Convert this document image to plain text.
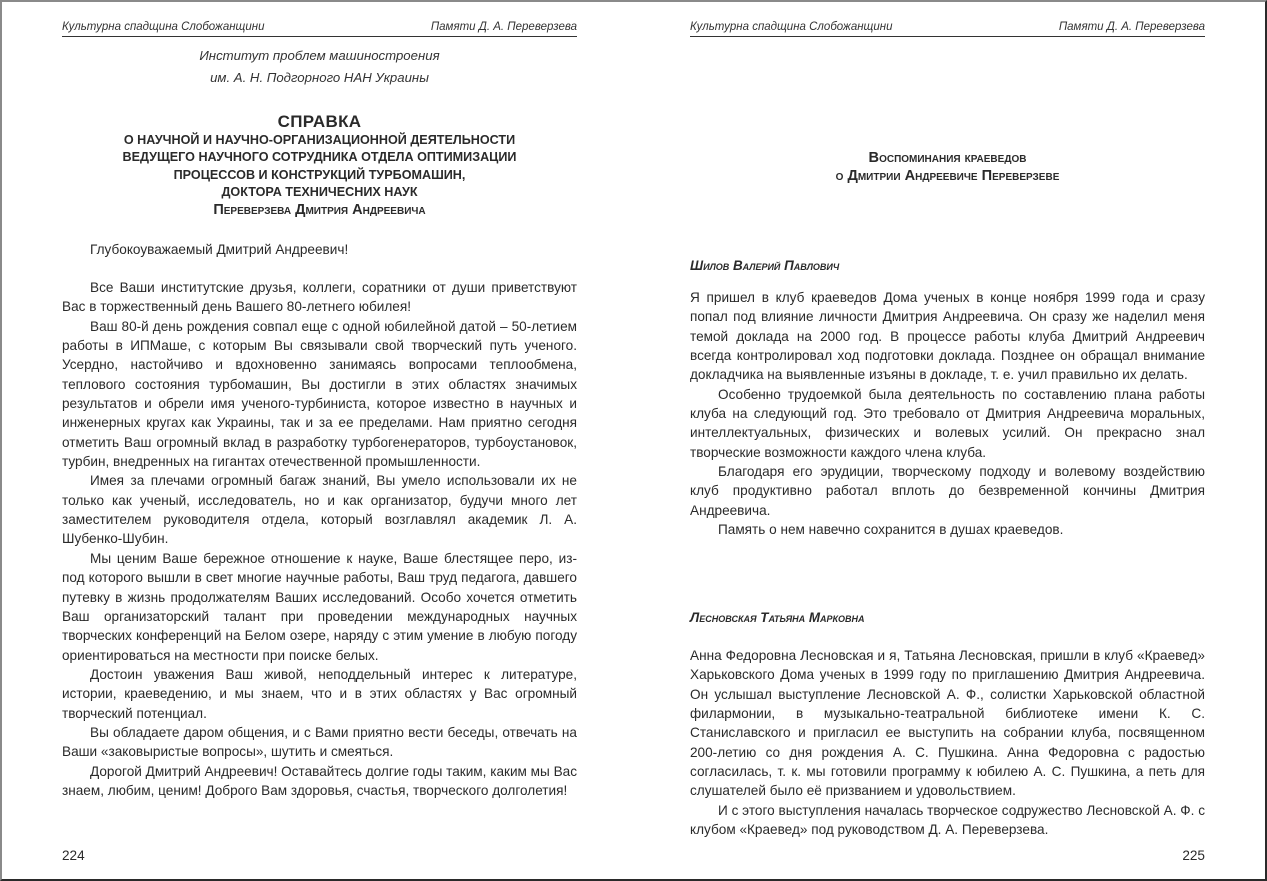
Культурна спадщина Слобожанщини	Памяти Д. А. Переверзева
Институт проблем машиностроения
им. А. Н. Подгорного НАН Украины
СПРАВКА
О НАУЧНОЙ И НАУЧНО-ОРГАНИЗАЦИОННОЙ ДЕЯТЕЛЬНОСТИ
ВЕДУЩЕГО НАУЧНОГО СОТРУДНИКА ОТДЕЛА ОПТИМИЗАЦИИ
ПРОЦЕССОВ И КОНСТРУКЦИЙ ТУРБОМАШИН,
ДОКТОРА ТЕХНИЧЕСНИХ НАУК
Переверзева Дмитрия Андреевича
Глубокоуважаемый Дмитрий Андреевич!

Все Ваши институтские друзья, коллеги, соратники от души приветствуют Вас в торжественный день Вашего 80-летнего юбилея!

Ваш 80-й день рождения совпал еще с одной юбилейной датой – 50-летием работы в ИПМаше, с которым Вы связывали свой творческий путь ученого. Усердно, настойчиво и вдохновенно занимаясь вопросами теплообмена, теплового состояния турбомашин, Вы достигли в этих областях значимых результатов и обрели имя ученого-турбиниста, которое известно в научных и инженерных кругах как Украины, так и за ее пределами. Нам приятно сегодня отметить Ваш огромный вклад в разработку турбогенераторов, турбоустановок, турбин, внедренных на гигантах отечественной промышленности.

Имея за плечами огромный багаж знаний, Вы умело использовали их не только как ученый, исследователь, но и как организатор, будучи много лет заместителем руководителя отдела, который возглавлял академик Л. А. Шубенко-Шубин.

Мы ценим Ваше бережное отношение к науке, Ваше блестящее перо, из-под которого вышли в свет многие научные работы, Ваш труд педагога, давшего путевку в жизнь продолжателям Ваших исследований. Особо хочется отметить Ваш организаторский талант при проведении международных научных творческих конференций на Белом озере, наряду с этим умение в любую погоду ориентироваться на местности при поиске белых.

Достоин уважения Ваш живой, неподдельный интерес к литературе, истории, краеведению, и мы знаем, что и в этих областях у Вас огромный творческий потенциал.

Вы обладаете даром общения, и с Вами приятно вести беседы, отвечать на Ваши «заковыристые вопросы», шутить и смеяться.

Дорогой Дмитрий Андреевич! Оставайтесь долгие годы таким, каким мы Вас знаем, любим, ценим! Доброго Вам здоровья, счастья, творческого долголетия!

224
Культурна спадщина Слобожанщини	Памяти Д. А. Переверзева
Воспоминания краеведов
о Дмитрии Андреевиче Переверзеве
Шилов Валерий Павлович

Я пришел в клуб краеведов Дома ученых в конце ноября 1999 года и сразу попал под влияние личности Дмитрия Андреевича. Он сразу же наделил меня темой доклада на 2000 год. В процессе работы клуба Дмитрий Андреевич всегда контролировал ход подготовки доклада. Позднее он обращал внимание докладчика на выявленные изъяны в докладе, т. е. учил правильно их делать.

Особенно трудоемкой была деятельность по составлению плана работы клуба на следующий год. Это требовало от Дмитрия Андреевича моральных, интеллектуальных, физических и волевых усилий. Он прекрасно знал творческие возможности каждого члена клуба.

Благодаря его эрудиции, творческому подходу и волевому воздействию клуб продуктивно работал вплоть до безвременной кончины Дмитрия Андреевича.

Память о нем навечно сохранится в душах краеведов.

Лесновская Татьяна Марковна

Анна Федоровна Лесновская и я, Татьяна Лесновская, пришли в клуб «Краевед» Харьковского Дома ученых в 1999 году по приглашению Дмитрия Андреевича. Он услышал выступление Лесновской А. Ф., солистки Харьковской областной филармонии, в музыкально-театральной библиотеке имени К. С. Станиславского и пригласил ее выступить на собрании клуба, посвященном 200-летию со дня рождения А. С. Пушкина. Анна Федоровна с радостью согласилась, т. к. мы готовили программу к юбилею А. С. Пушкина, а петь для слушателей было её призванием и удовольствием.

И с этого выступления началась творческое содружество Лесновской А. Ф. с клубом «Краевед» под руководством Д. А. Переверзева.

225
